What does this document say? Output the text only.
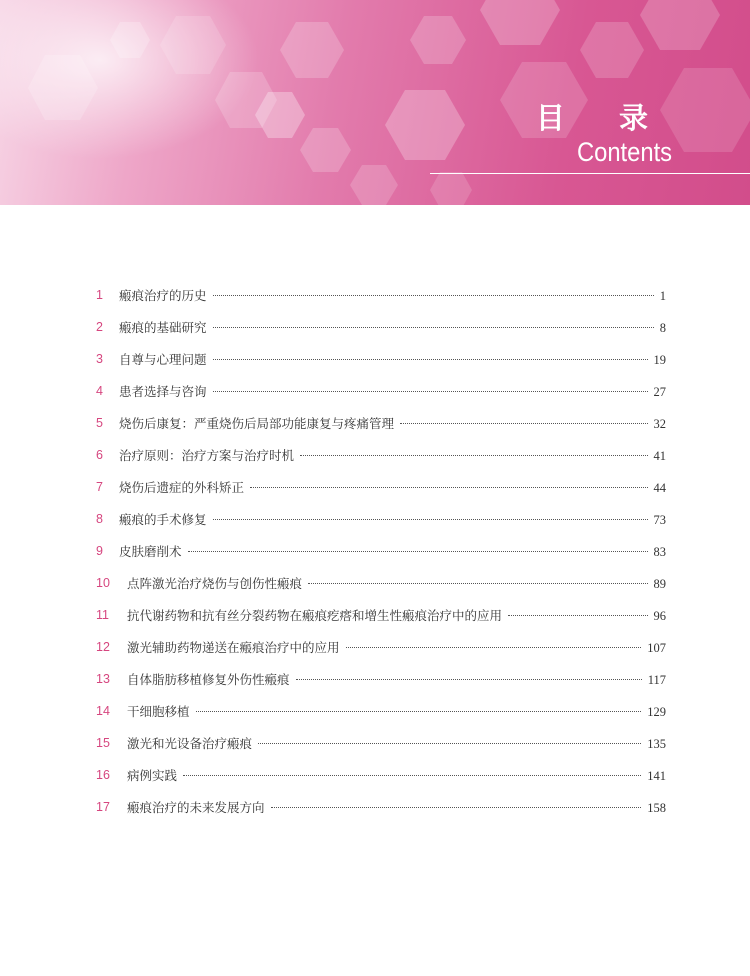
目 录
Contents
1 瘢痕治疗的历史	1
2 瘢痕的基础研究	8
3 自尊与心理问题	19
4 患者选择与咨询	27
5 烧伤后康复：严重烧伤后局部功能康复与疼痛管理	32
6 治疗原则：治疗方案与治疗时机	41
7 烧伤后遗症的外科矫正	44
8 瘢痕的手术修复	73
9 皮肤磨削术	83
10 点阵激光治疗烧伤与创伤性瘢痕	89
11 抗代谢药物和抗有丝分裂药物在瘢痕疙瘩和增生性瘢痕治疗中的应用	96
12 激光辅助药物递送在瘢痕治疗中的应用	107
13 自体脂肪移植修复外伤性瘢痕	117
14 干细胞移植	129
15 激光和光设备治疗瘢痕	135
16 病例实践	141
17 瘢痕治疗的未来发展方向	158
